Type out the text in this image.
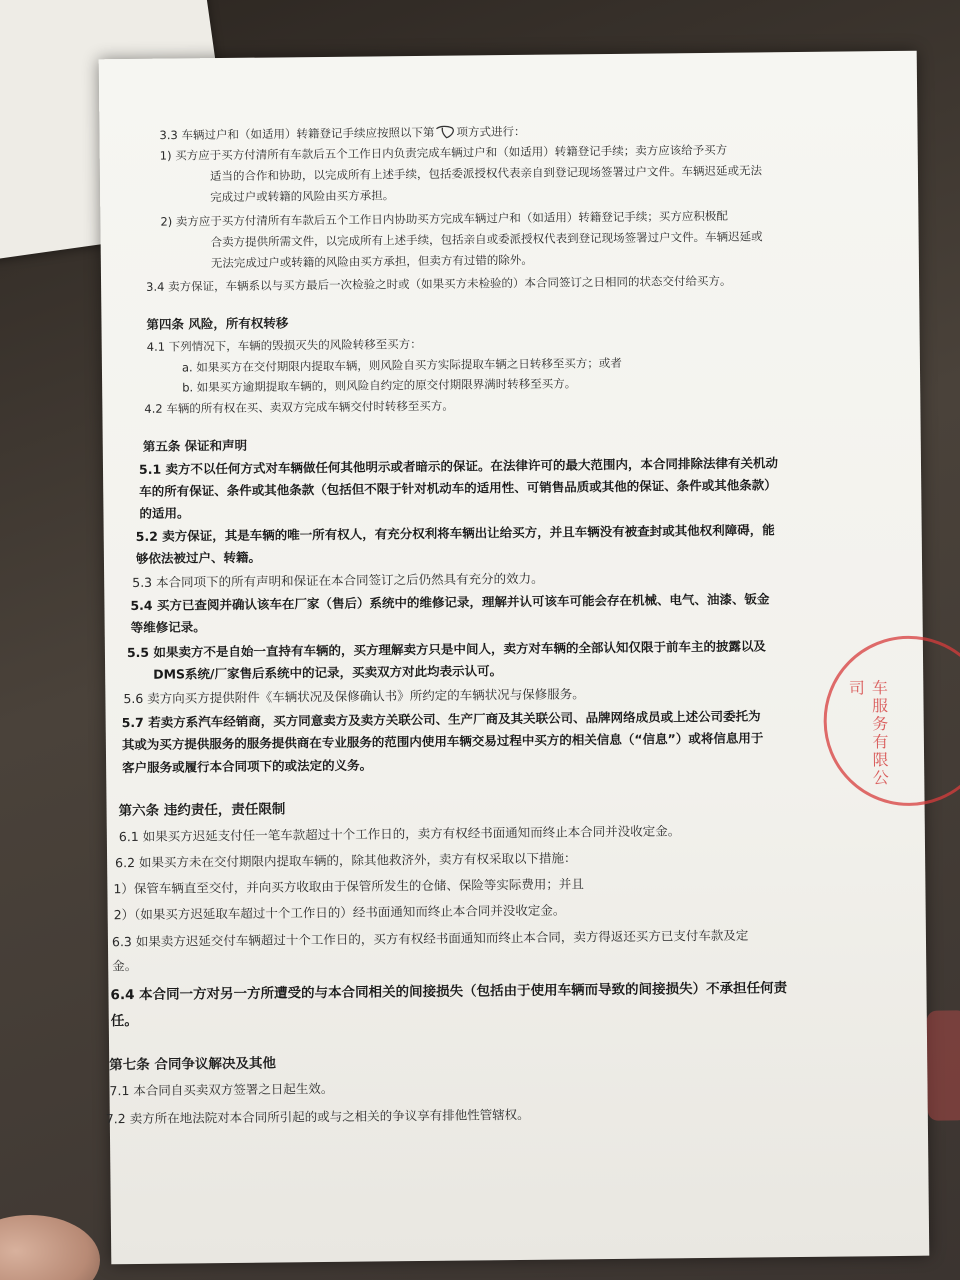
3.3 车辆过户和（如适用）转籍登记手续应按照以下第 项方式进行：
1) 买方应于买方付清所有车款后五个工作日内负责完成车辆过户和（如适用）转籍登记手续；卖方应该给予买方
适当的合作和协助，以完成所有上述手续，包括委派授权代表亲自到登记现场签署过户文件。车辆迟延或无法
完成过户或转籍的风险由买方承担。
2) 卖方应于买方付清所有车款后五个工作日内协助买方完成车辆过户和（如适用）转籍登记手续；买方应积极配
合卖方提供所需文件，以完成所有上述手续，包括亲自或委派授权代表到登记现场签署过户文件。车辆迟延或
无法完成过户或转籍的风险由买方承担，但卖方有过错的除外。
3.4 卖方保证，车辆系以与买方最后一次检验之时或（如果买方未检验的）本合同签订之日相同的状态交付给买方。
第四条 风险，所有权转移
4.1 下列情况下，车辆的毁损灭失的风险转移至买方：
a. 如果买方在交付期限内提取车辆，则风险自买方实际提取车辆之日转移至买方；或者
b. 如果买方逾期提取车辆的，则风险自约定的原交付期限界满时转移至买方。
4.2 车辆的所有权在买、卖双方完成车辆交付时转移至买方。
第五条 保证和声明
5.1 卖方不以任何方式对车辆做任何其他明示或者暗示的保证。在法律许可的最大范围内，本合同排除法律有关机动
车的所有保证、条件或其他条款（包括但不限于针对机动车的适用性、可销售品质或其他的保证、条件或其他条款）
的适用。
5.2 卖方保证，其是车辆的唯一所有权人，有充分权利将车辆出让给买方，并且车辆没有被查封或其他权利障碍，能
够依法被过户、转籍。
5.3 本合同项下的所有声明和保证在本合同签订之后仍然具有充分的效力。
5.4 买方已查阅并确认该车在厂家（售后）系统中的维修记录，理解并认可该车可能会存在机械、电气、油漆、钣金
等维修记录。
5.5 如果卖方不是自始一直持有车辆的，买方理解卖方只是中间人，卖方对车辆的全部认知仅限于前车主的披露以及
DMS系统/厂家售后系统中的记录，买卖双方对此均表示认可。
5.6 卖方向买方提供附件《车辆状况及保修确认书》所约定的车辆状况与保修服务。
5.7 若卖方系汽车经销商，买方同意卖方及卖方关联公司、生产厂商及其关联公司、品牌网络成员或上述公司委托为
其或为买方提供服务的服务提供商在专业服务的范围内使用车辆交易过程中买方的相关信息（“信息”）或将信息用于
客户服务或履行本合同项下的或法定的义务。
第六条 违约责任，责任限制
6.1 如果买方迟延支付任一笔车款超过十个工作日的，卖方有权经书面通知而终止本合同并没收定金。
6.2 如果买方未在交付期限内提取车辆的，除其他救济外，卖方有权采取以下措施：
1）保管车辆直至交付，并向买方收取由于保管所发生的仓储、保险等实际费用；并且
2）（如果买方迟延取车超过十个工作日的）经书面通知而终止本合同并没收定金。
6.3 如果卖方迟延交付车辆超过十个工作日的，买方有权经书面通知而终止本合同，卖方得返还买方已支付车款及定
金。
6.4 本合同一方对另一方所遭受的与本合同相关的间接损失（包括由于使用车辆而导致的间接损失）不承担任何责
任。
第七条 合同争议解决及其他
7.1 本合同自买卖双方签署之日起生效。
7.2 卖方所在地法院对本合同所引起的或与之相关的争议享有排他性管辖权。
车服务有限公司
